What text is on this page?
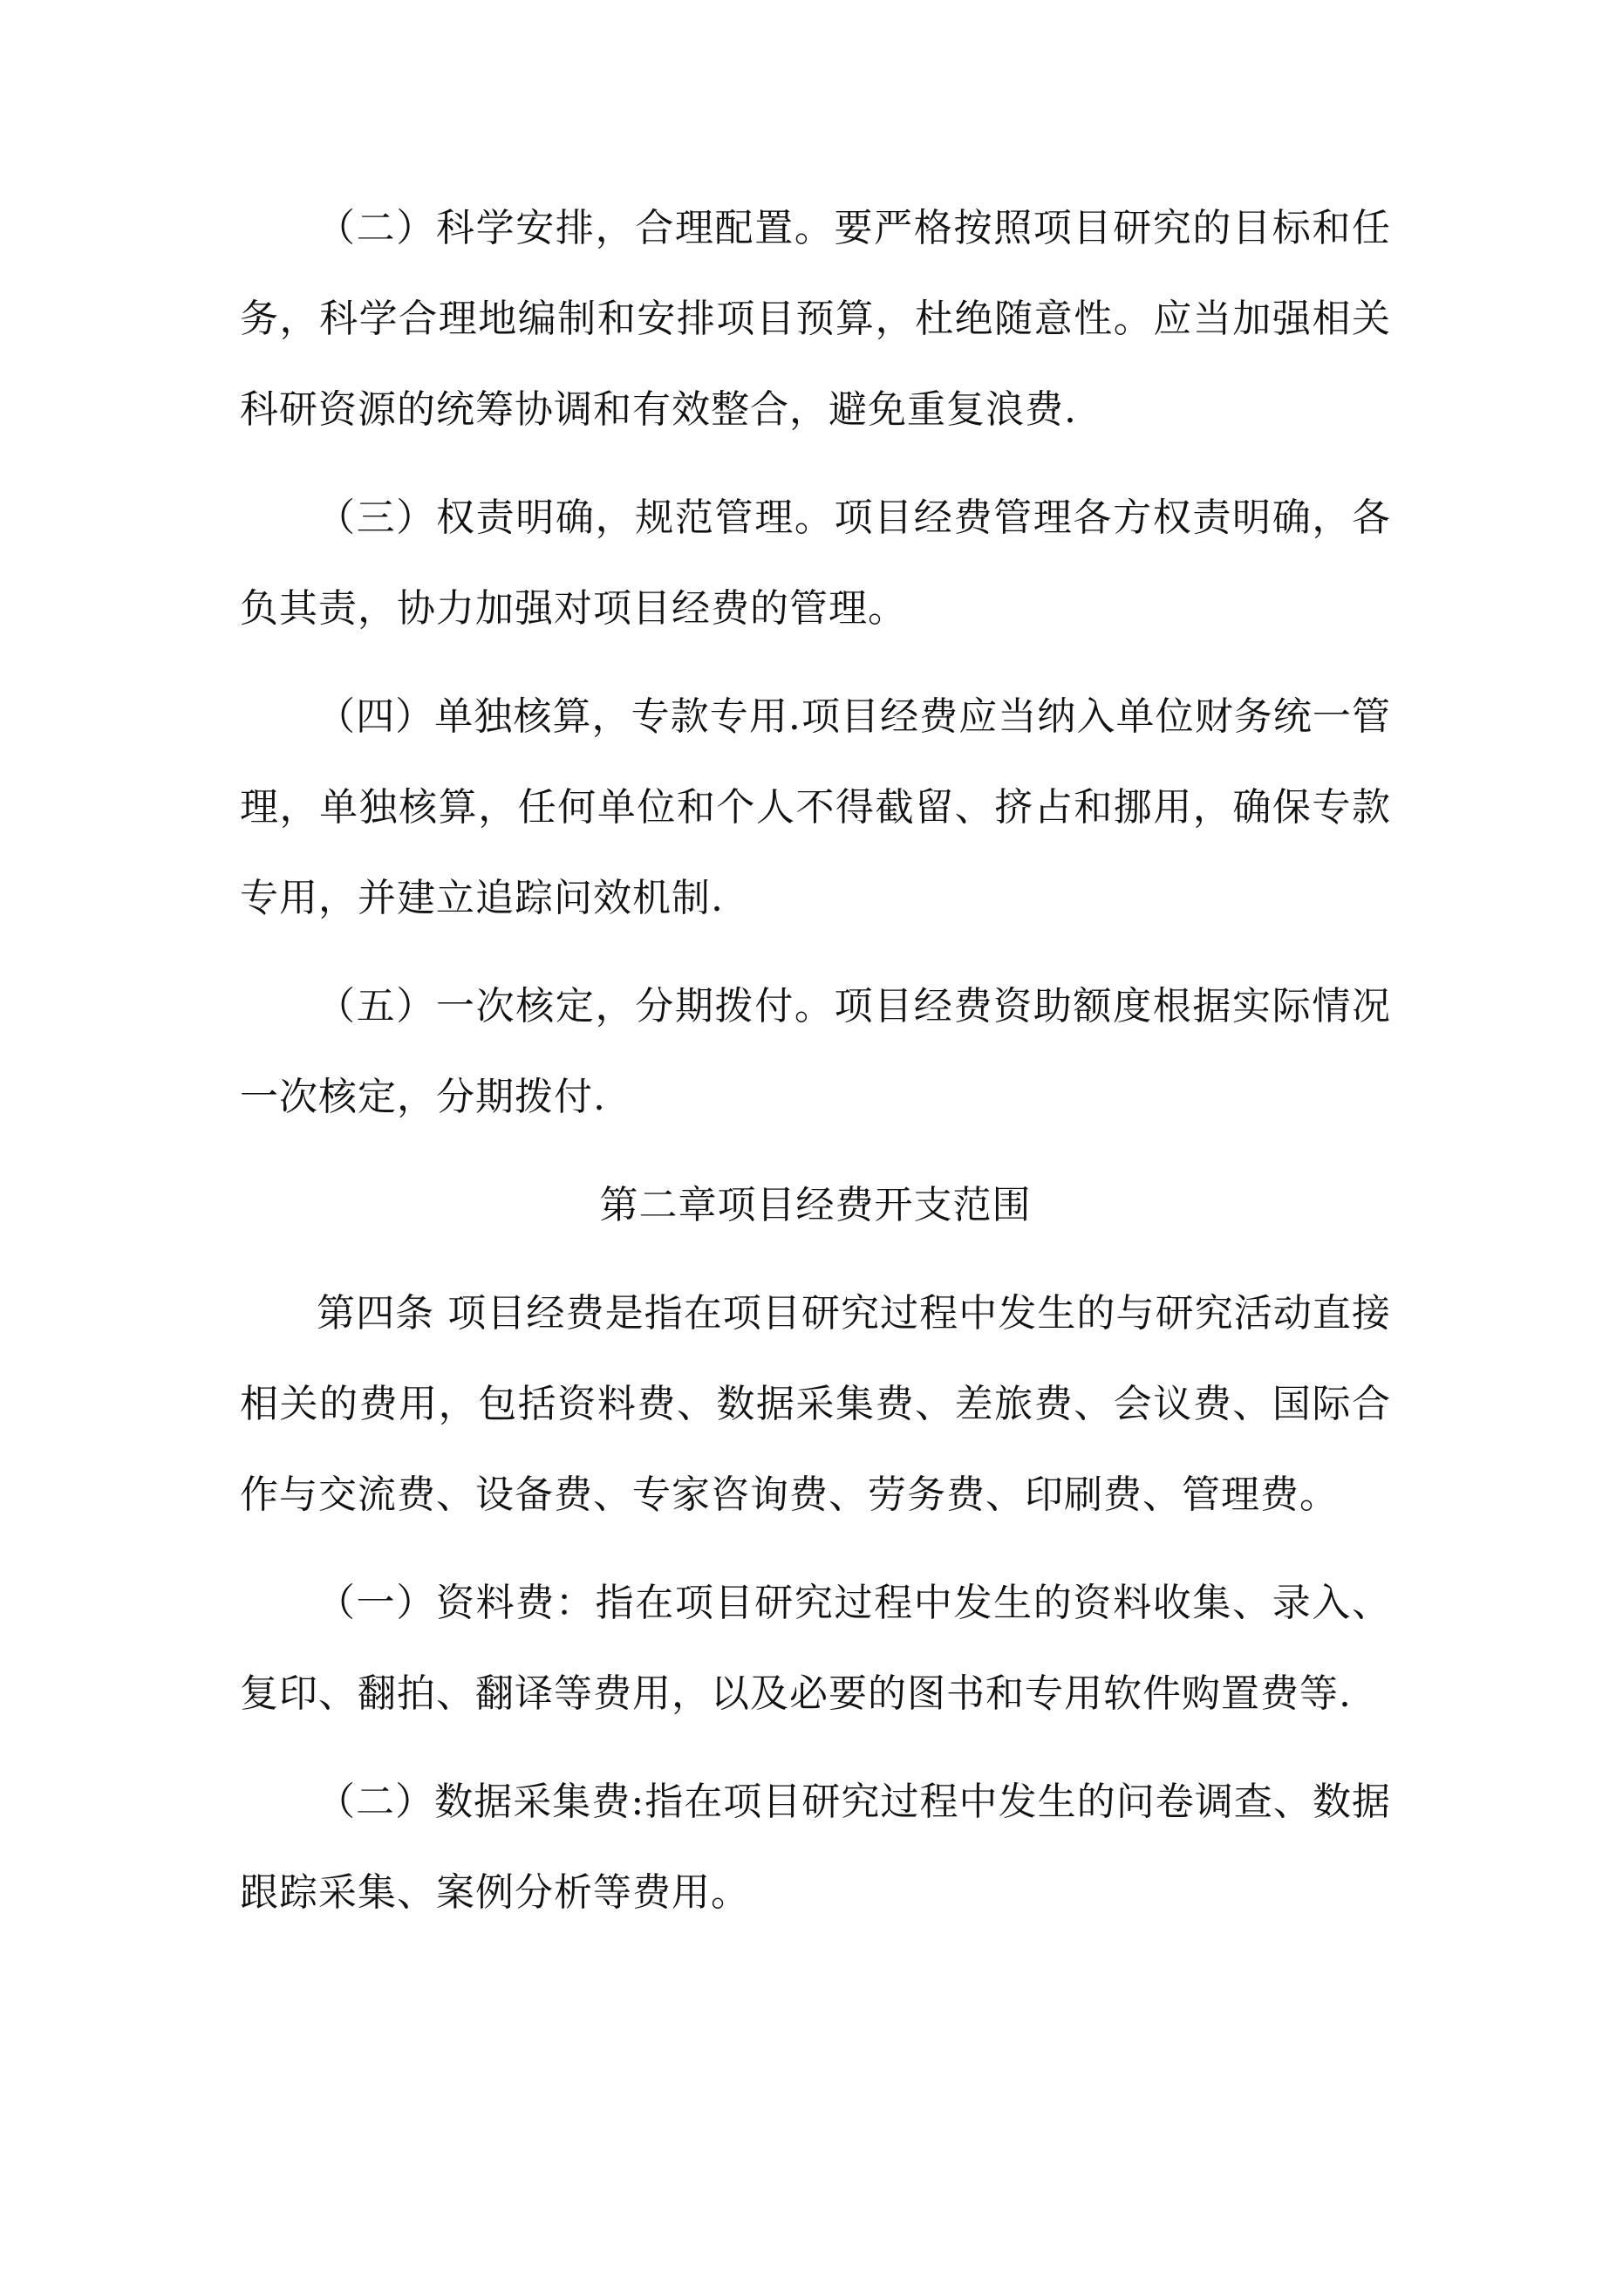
（二）科学安排，合理配置。要严格按照项目研究的目标和任务，科学合理地编制和安排项目预算，杜绝随意性。应当加强相关科研资源的统筹协调和有效整合，避免重复浪费.

（三）权责明确，规范管理。项目经费管理各方权责明确，各负其责，协力加强对项目经费的管理。

（四）单独核算，专款专用.项目经费应当纳入单位财务统一管理，单独核算，任何单位和个人不得截留、挤占和挪用，确保专款专用，并建立追踪问效机制.

（五）一次核定，分期拨付。项目经费资助额度根据实际情况一次核定，分期拨付.

第二章项目经费开支范围

第四条 项目经费是指在项目研究过程中发生的与研究活动直接相关的费用，包括资料费、数据采集费、差旅费、会议费、国际合作与交流费、设备费、专家咨询费、劳务费、印刷费、管理费。

（一）资料费：指在项目研究过程中发生的资料收集、录入、复印、翻拍、翻译等费用，以及必要的图书和专用软件购置费等.

（二）数据采集费:指在项目研究过程中发生的问卷调查、数据跟踪采集、案例分析等费用。
